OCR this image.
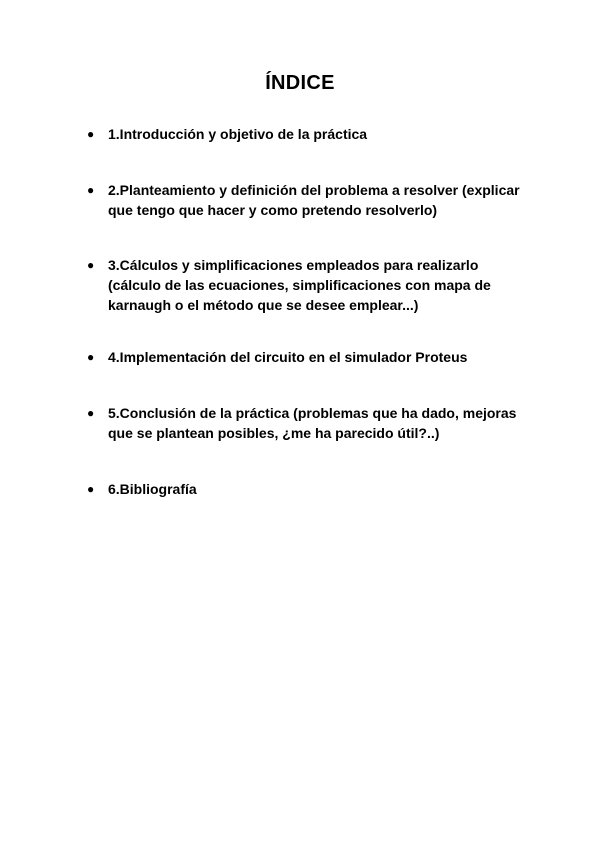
ÍNDICE
● 1.Introducción y objetivo de la práctica
● 2.Planteamiento y definición del problema a resolver (explicar
que tengo que hacer y como pretendo resolverlo)
● 3.Cálculos y simplificaciones empleados para realizarlo
(cálculo de las ecuaciones, simplificaciones con mapa de
karnaugh o el método que se desee emplear...)
● 4.Implementación del circuito en el simulador Proteus
● 5.Conclusión de la práctica (problemas que ha dado, mejoras
que se plantean posibles, ¿me ha parecido útil?..)
● 6.Bibliografía
